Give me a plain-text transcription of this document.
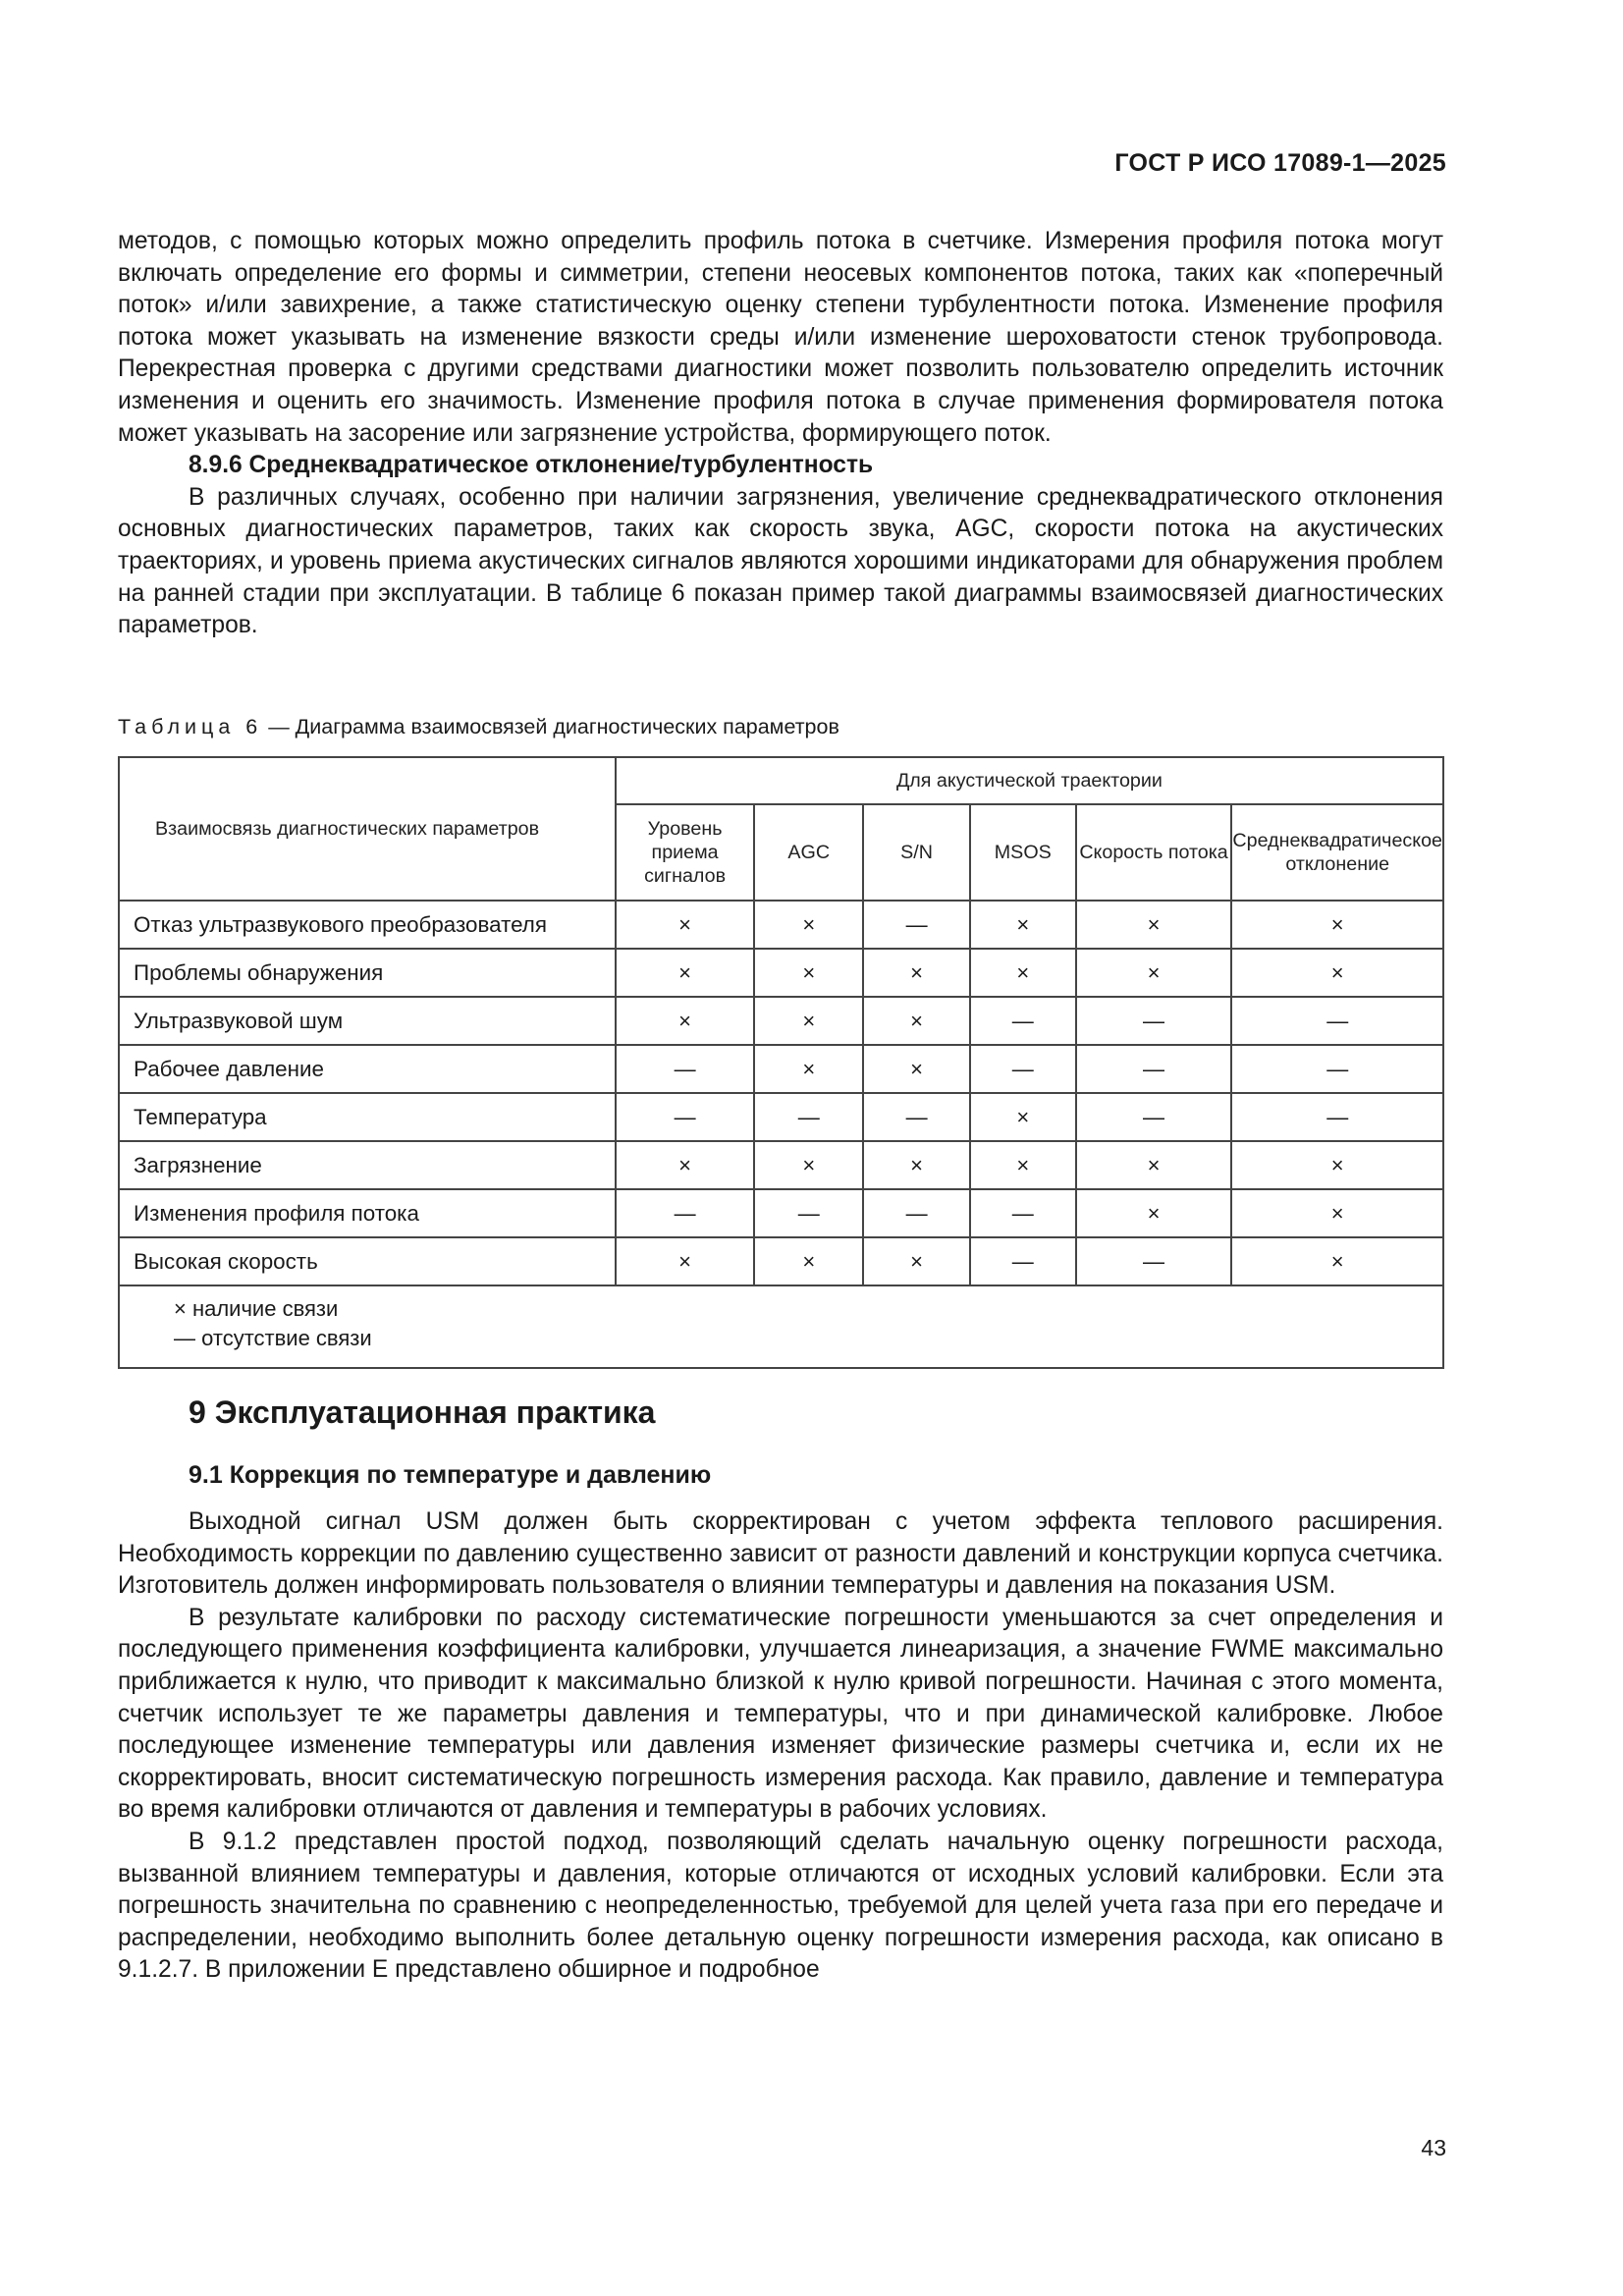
ГОСТ Р ИСО 17089-1—2025

методов, с помощью которых можно определить профиль потока в счетчике. Измерения профиля потока могут включать определение его формы и симметрии, степени неосевых компонентов потока, таких как «поперечный поток» и/или завихрение, а также статистическую оценку степени турбулентности потока. Изменение профиля потока может указывать на изменение вязкости среды и/или изменение шероховатости стенок трубопровода. Перекрестная проверка с другими средствами диагностики может позволить пользователю определить источник изменения и оценить его значимость. Изменение профиля потока в случае применения формирователя потока может указывать на засорение или загрязнение устройства, формирующего поток.

8.9.6 Среднеквадратическое отклонение/турбулентность

В различных случаях, особенно при наличии загрязнения, увеличение среднеквадратического отклонения основных диагностических параметров, таких как скорость звука, AGC, скорости потока на акустических траекториях, и уровень приема акустических сигналов являются хорошими индикаторами для обнаружения проблем на ранней стадии при эксплуатации. В таблице 6 показан пример такой диаграммы взаимосвязей диагностических параметров.

Таблица 6 — Диаграмма взаимосвязей диагностических параметров

Взаимосвязь диагностических параметров	Для акустической траектории					
	Уровень приема сигналов	AGC	S/N	MSOS	Скорость потока	Среднеквадратическое отклонение
Отказ ультразвукового преобразователя	×	×	—	×	×	×
Проблемы обнаружения	×	×	×	×	×	×
Ультразвуковой шум	×	×	×	—	—	—
Рабочее давление	—	×	×	—	—	—
Температура	—	—	—	×	—	—
Загрязнение	×	×	×	×	×	×
Изменения профиля потока	—	—	—	—	×	×
Высокая скорость	×	×	×	—	—	×

× наличие связи
— отсутствие связи						
9 Эксплуатационная практика
9.1 Коррекция по температуре и давлению

Выходной сигнал USM должен быть скорректирован с учетом эффекта теплового расширения. Необходимость коррекции по давлению существенно зависит от разности давлений и конструкции корпуса счетчика. Изготовитель должен информировать пользователя о влиянии температуры и давления на показания USM.

В результате калибровки по расходу систематические погрешности уменьшаются за счет определения и последующего применения коэффициента калибровки, улучшается линеаризация, а значение FWME максимально приближается к нулю, что приводит к максимально близкой к нулю кривой погрешности. Начиная с этого момента, счетчик использует те же параметры давления и температуры, что и при динамической калибровке. Любое последующее изменение температуры или давления изменяет физические размеры счетчика и, если их не скорректировать, вносит систематическую погрешность измерения расхода. Как правило, давление и температура во время калибровки отличаются от давления и температуры в рабочих условиях.

В 9.1.2 представлен простой подход, позволяющий сделать начальную оценку погрешности расхода, вызванной влиянием температуры и давления, которые отличаются от исходных условий калибровки. Если эта погрешность значительна по сравнению с неопределенностью, требуемой для целей учета газа при его передаче и распределении, необходимо выполнить более детальную оценку погрешности измерения расхода, как описано в 9.1.2.7. В приложении Е представлено обширное и подробное

43
